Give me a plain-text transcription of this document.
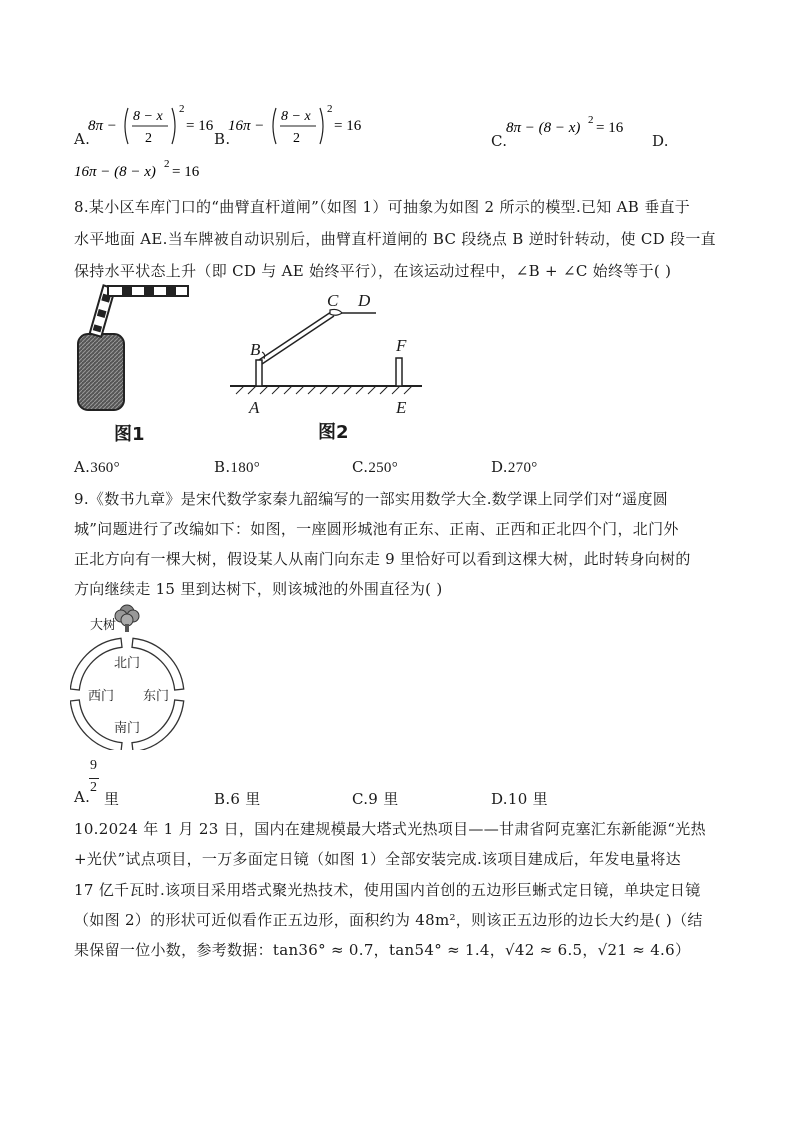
A.
8π −
8 − x
2
2
= 16
B.
16π −
8 − x
2
2
= 16
C.
8π − (8 − x) 2 = 16
D.
16π − (8 − x) 2 = 16
8.某小区车库门口的“曲臂直杆道闸”（如图 1）可抽象为如图 2 所示的模型.已知 AB 垂直于
水平地面 AE.当车牌被自动识别后，曲臂直杆道闸的 BC 段绕点 B 逆时针转动，使 CD 段一直
保持水平状态上升（即 CD 与 AE 始终平行），在该运动过程中，∠B + ∠C 始终等于( )
图1
B
A
C D
F
E
图2
A.360°	B.180°	C.250°	D.270°
9.《数书九章》是宋代数学家秦九韶编写的一部实用数学大全.数学课上同学们对“遥度圆
城”问题进行了改编如下：如图，一座圆形城池有正东、正南、正西和正北四个门，北门外
正北方向有一棵大树，假设某人从南门向东走 9 里恰好可以看到这棵大树，此时转身向树的
方向继续走 15 里到达树下，则该城池的外围直径为( )
大树
北门
西门 东门
南门
A.
9
2
里	B.6 里	C.9 里	D.10 里
10.2024 年 1 月 23 日，国内在建规模最大塔式光热项目——甘肃省阿克塞汇东新能源“光热
+光伏”试点项目，一万多面定日镜（如图 1）全部安装完成.该项目建成后，年发电量将达
17 亿千瓦时.该项目采用塔式聚光热技术，使用国内首创的五边形巨蜥式定日镜，单块定日镜
（如图 2）的形状可近似看作正五边形，面积约为 48m²，则该正五边形的边长大约是( )（结
果保留一位小数，参考数据：tan36° ≈ 0.7，tan54° ≈ 1.4，√42 ≈ 6.5，√21 ≈ 4.6）
